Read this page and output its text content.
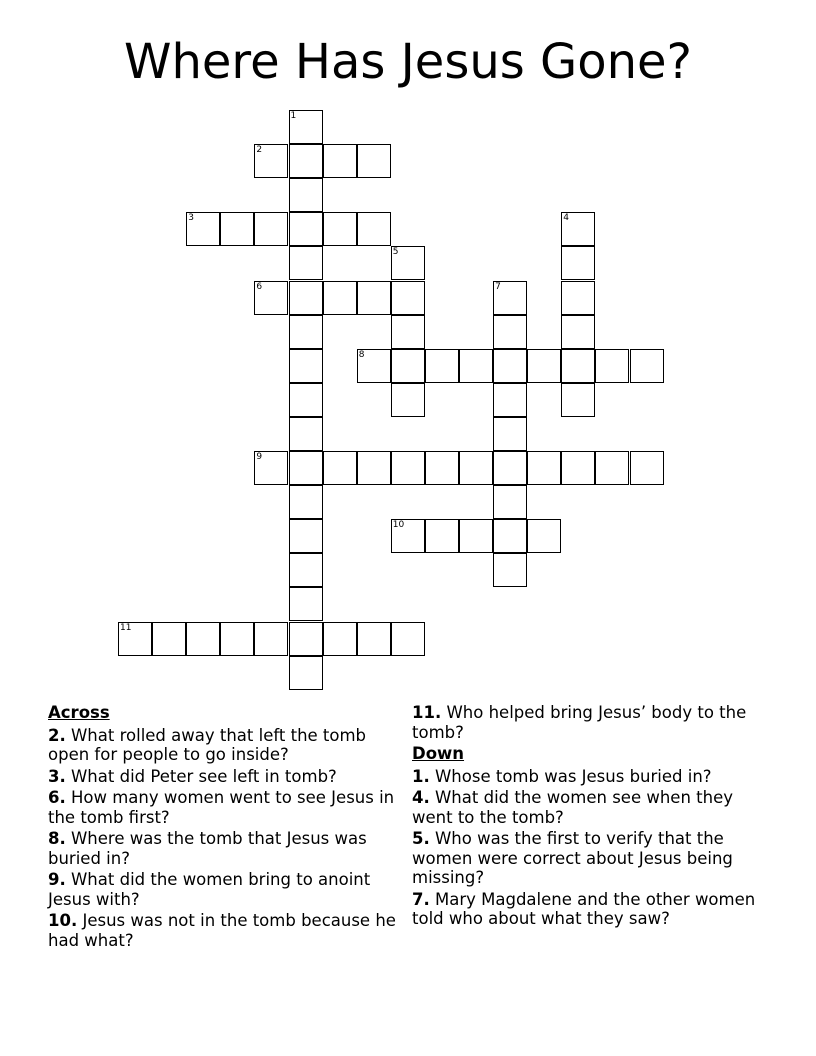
Where Has Jesus Gone?
1
2
3	4
5
6	7
8
9
10
11
Across
2. What rolled away that left the tomb open for people to go inside?
3. What did Peter see left in tomb?
6. How many women went to see Jesus in the tomb first?
8. Where was the tomb that Jesus was buried in?
9. What did the women bring to anoint Jesus with?
10. Jesus was not in the tomb because he had what?
11. Who helped bring Jesus’ body to the tomb?
Down
1. Whose tomb was Jesus buried in?
4. What did the women see when they went to the tomb?
5. Who was the first to verify that the women were correct about Jesus being missing?
7. Mary Magdalene and the other women told who about what they saw?
